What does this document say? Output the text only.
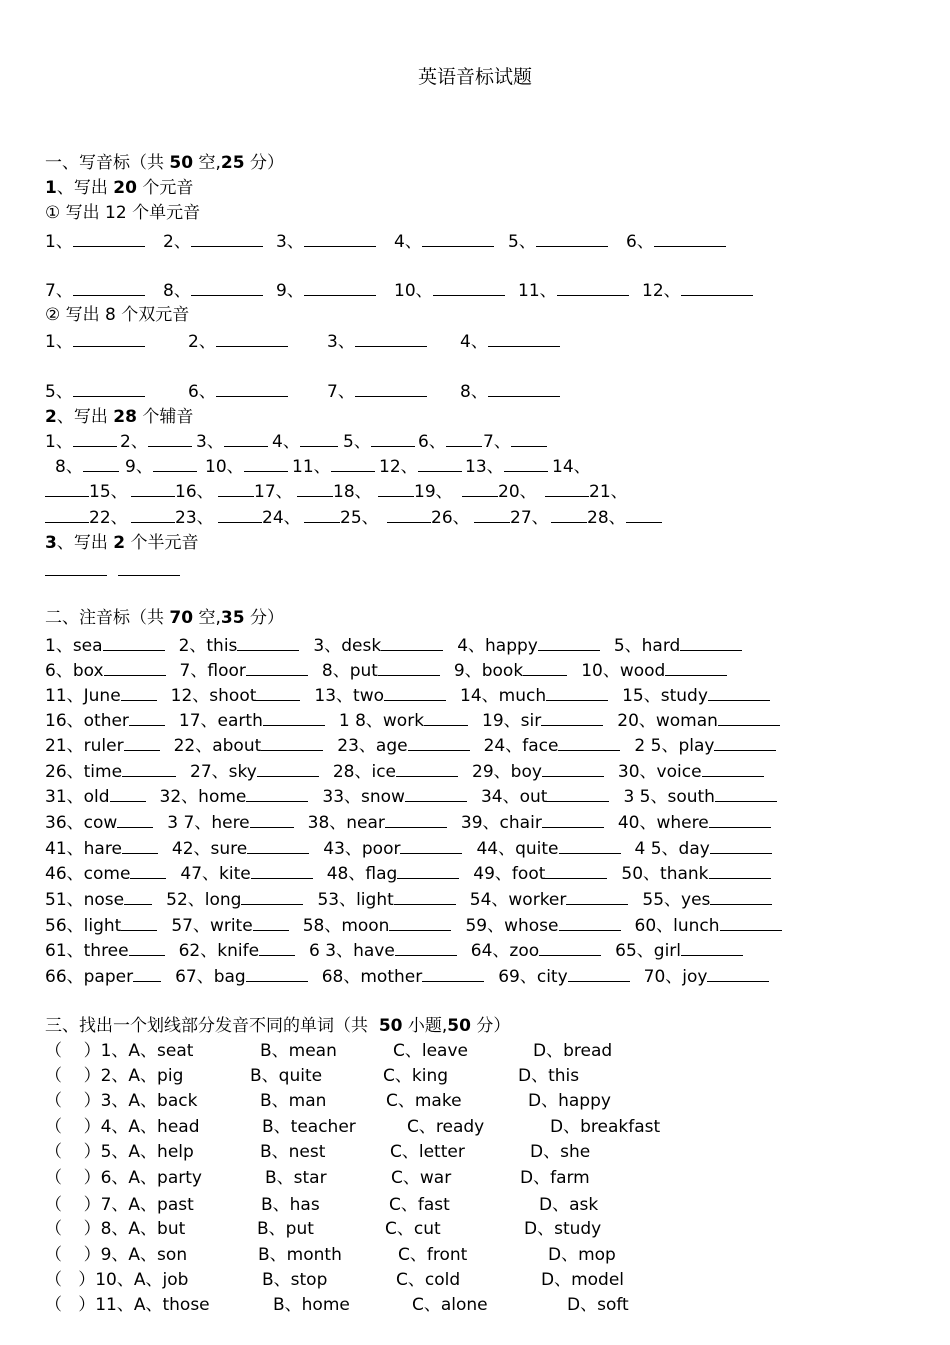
英语音标试题
一、写音标（共 50 空,25 分）
1、写出 20 个元音
① 写出 12 个单元音
1、	2、	3、	4、	5、	6、
7、	8、	9、	10、	11、	12、
② 写出 8 个双元音
1、	2、	3、	4、
5、	6、	7、	8、
2、写出 28 个辅音
1、	2、	3、	4、	5、	6、	7、
8、	9、	10、	11、	12、	13、	14、
15、	16、	17、	18、	19、	20、	21、
22、	23、	24、	25、	26、	27、	28、
3、写出 2 个半元音
二、注音标（共 70 空,35 分）
1、sea	2、this	3、desk	4、happy	5、hard
6、box	7、floor	8、put	9、book	10、wood
11、June	12、shoot	13、two	14、much	15、study
16、other	17、earth	1 8、work	19、sir	20、woman
21、ruler	22、about	23、age	24、face	2 5、play
26、time	27、sky	28、ice	29、boy	30、voice
31、old	32、home	33、snow	34、out	3 5、south
36、cow	3 7、here	38、near	39、chair	40、where
41、hare	42、sure	43、poor	44、quite	4 5、day
46、come	47、kite	48、flag	49、foot	50、thank
51、nose	52、long	53、light	54、worker	55、yes
56、light	57、write	58、moon	59、whose	60、lunch
61、three	62、knife	6 3、have	64、zoo	65、girl
66、paper	67、bag	68、mother	69、city	70、joy
三、找出一个划线部分发音不同的单词（共  50 小题,50 分）
（    ）1、A、seat	B、mean	C、leave	D、bread
（    ）2、A、pig	B、quite	C、king	D、this
（    ）3、A、back	B、man	C、make	D、happy
（    ）4、A、head	B、teacher	C、ready	D、breakfast
（    ）5、A、help	B、nest	C、letter	D、she
（    ）6、A、party	B、star	C、war	D、farm
（    ）7、A、past	B、has	C、fast	D、ask
（    ）8、A、but	B、put	C、cut	D、study
（    ）9、A、son	B、month	C、front	D、mop
（   ）10、A、job	B、stop	C、cold	D、model
（   ）11、A、those	B、home	C、alone	D、soft
